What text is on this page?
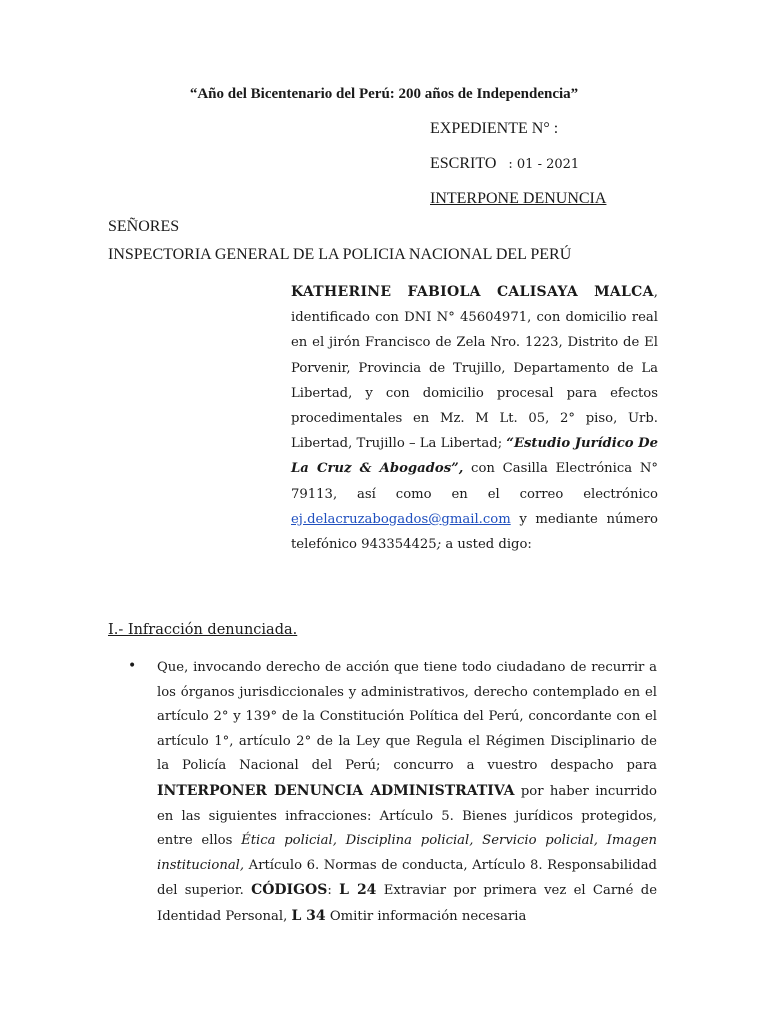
“Año del Bicentenario del Perú: 200 años de Independencia”
EXPEDIENTE N° :
ESCRITO : 01 - 2021
INTERPONE DENUNCIA
SEÑORES
INSPECTORIA GENERAL DE LA POLICIA NACIONAL DEL PERÚ
KATHERINE FABIOLA CALISAYA MALCA, identificado con DNI N° 45604971, con domicilio real en el jirón Francisco de Zela Nro. 1223, Distrito de El Porvenir, Provincia de Trujillo, Departamento de La Libertad, y con domicilio procesal para efectos procedimentales en Mz. M Lt. 05, 2° piso, Urb. Libertad, Trujillo – La Libertad; “Estudio Jurídico De La Cruz & Abogados”, con Casilla Electrónica N° 79113, así como en el correo electrónico ej.delacruzabogados@gmail.com y mediante número telefónico 943354425; a usted digo:
I.- Infracción denunciada.
• Que, invocando derecho de acción que tiene todo ciudadano de recurrir a los órganos jurisdiccionales y administrativos, derecho contemplado en el artículo 2° y 139° de la Constitución Política del Perú, concordante con el artículo 1°, artículo 2° de la Ley que Regula el Régimen Disciplinario de la Policía Nacional del Perú; concurro a vuestro despacho para INTERPONER DENUNCIA ADMINISTRATIVA por haber incurrido en las siguientes infracciones: Artículo 5. Bienes jurídicos protegidos, entre ellos Ética policial, Disciplina policial, Servicio policial, Imagen institucional, Artículo 6. Normas de conducta, Artículo 8. Responsabilidad del superior. CÓDIGOS: L 24 Extraviar por primera vez el Carné de Identidad Personal, L 34 Omitir información necesaria
